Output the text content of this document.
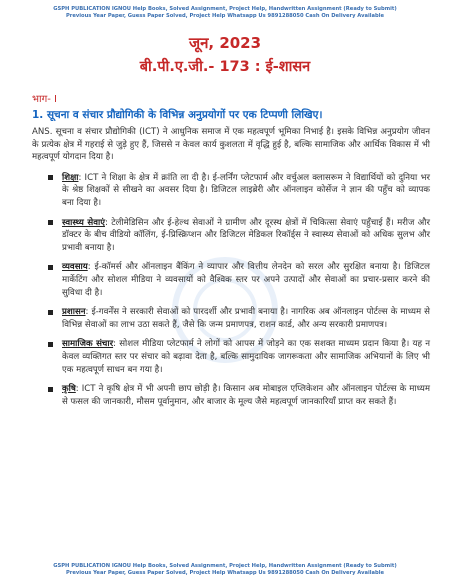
GSPH PUBLICATION IGNOU Help Books, Solved Assignment, Project Help, Handwritten Assignment (Ready to Submit)
Previous Year Paper, Guess Paper Solved, Project Help Whatsapp Us 9891288050 Cash On Delivery Available
जून, 2023
बी.पी.ए.जी.- 173 : ई-शासन
भाग- I
1. सूचना व संचार प्रौद्योगिकी के विभिन्न अनुप्रयोगों पर एक टिप्पणी लिखिए।

ANS. सूचना व संचार प्रौद्योगिकी (ICT) ने आधुनिक समाज में एक महत्वपूर्ण भूमिका निभाई है। इसके विभिन्न अनुप्रयोग जीवन के प्रत्येक क्षेत्र में गहराई से जुड़े हुए हैं, जिससे न केवल कार्य कुशलता में वृद्धि हुई है, बल्कि सामाजिक और आर्थिक विकास में भी महत्वपूर्ण योगदान दिया है।

शिक्षा: ICT ने शिक्षा के क्षेत्र में क्रांति ला दी है। ई-लर्निंग प्लेटफार्म और वर्चुअल क्लासरूम ने विद्यार्थियों को दुनिया भर के श्रेष्ठ शिक्षकों से सीखने का अवसर दिया है। डिजिटल लाइब्रेरी और ऑनलाइन कोर्सेज ने ज्ञान की पहुँच को व्यापक बना दिया है।
स्वास्थ्य सेवाएं: टेलीमेडिसिन और ई-हेल्थ सेवाओं ने ग्रामीण और दूरस्थ क्षेत्रों में चिकित्सा सेवाएं पहुँचाई हैं। मरीज और डॉक्टर के बीच वीडियो कॉलिंग, ई-प्रिस्क्रिप्शन और डिजिटल मेडिकल रिकॉर्ड्स ने स्वास्थ्य सेवाओं को अधिक सुलभ और प्रभावी बनाया है।
व्यवसाय: ई-कॉमर्स और ऑनलाइन बैंकिंग ने व्यापार और वित्तीय लेनदेन को सरल और सुरक्षित बनाया है। डिजिटल मार्केटिंग और सोशल मीडिया ने व्यवसायों को वैश्विक स्तर पर अपने उत्पादों और सेवाओं का प्रचार-प्रसार करने की सुविधा दी है।
प्रशासन: ई-गवर्नेंस ने सरकारी सेवाओं को पारदर्शी और प्रभावी बनाया है। नागरिक अब ऑनलाइन पोर्टल्स के माध्यम से विभिन्न सेवाओं का लाभ उठा सकते हैं, जैसे कि जन्म प्रमाणपत्र, राशन कार्ड, और अन्य सरकारी प्रमाणपत्र।
सामाजिक संचार: सोशल मीडिया प्लेटफार्म ने लोगों को आपस में जोड़ने का एक सशक्त माध्यम प्रदान किया है। यह न केवल व्यक्तिगत स्तर पर संचार को बढ़ावा देता है, बल्कि सामुदायिक जागरूकता और सामाजिक अभियानों के लिए भी एक महत्वपूर्ण साधन बन गया है।
कृषि: ICT ने कृषि क्षेत्र में भी अपनी छाप छोड़ी है। किसान अब मोबाइल एप्लिकेशन और ऑनलाइन पोर्टल्स के माध्यम से फसल की जानकारी, मौसम पूर्वानुमान, और बाजार के मूल्य जैसे महत्वपूर्ण जानकारियाँ प्राप्त कर सकते हैं।
GSPH PUBLICATION IGNOU Help Books, Solved Assignment, Project Help, Handwritten Assignment (Ready to Submit)
Previous Year Paper, Guess Paper Solved, Project Help Whatsapp Us 9891288050 Cash On Delivery Available
